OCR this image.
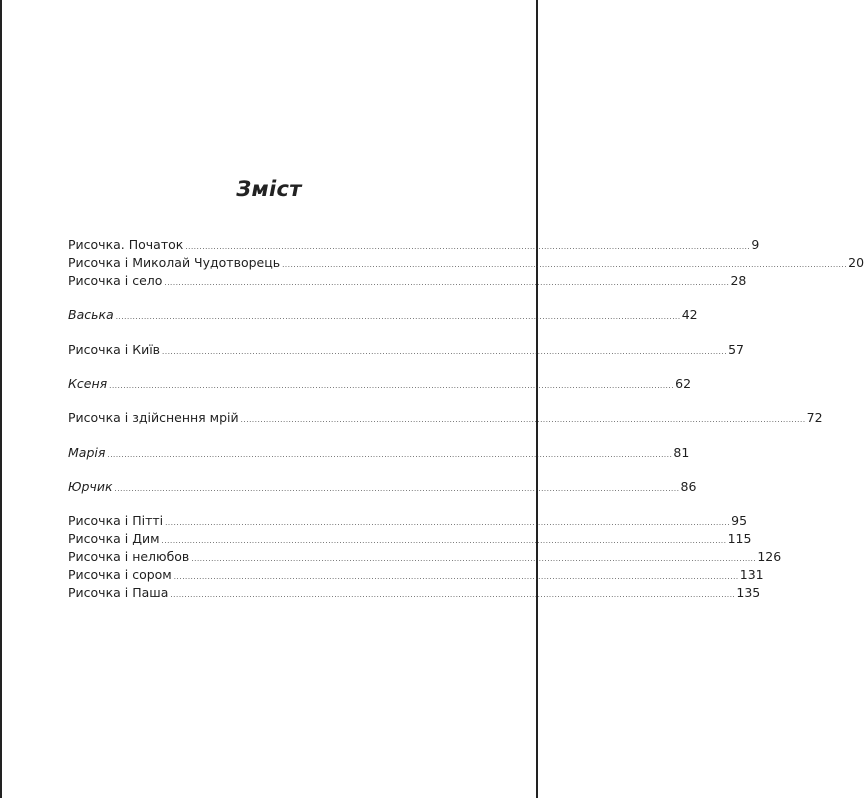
Зміст
Рисочка. Початок ........................................................................................................................................................................................................ 9
Рисочка і Миколай Чудотворець ........................................................................................................................................................................................................ 20
Рисочка і село ........................................................................................................................................................................................................ 28
Васька ........................................................................................................................................................................................................ 42
Рисочка і Київ ........................................................................................................................................................................................................ 57
Ксеня ........................................................................................................................................................................................................ 62
Рисочка і здійснення мрій ........................................................................................................................................................................................................ 72
Марія ........................................................................................................................................................................................................ 81
Юрчик ........................................................................................................................................................................................................ 86
Рисочка і Пітті ........................................................................................................................................................................................................ 95
Рисочка і Дим ........................................................................................................................................................................................................ 115
Рисочка і нелюбов ........................................................................................................................................................................................................ 126
Рисочка і сором ........................................................................................................................................................................................................ 131
Рисочка і Паша ........................................................................................................................................................................................................ 135
